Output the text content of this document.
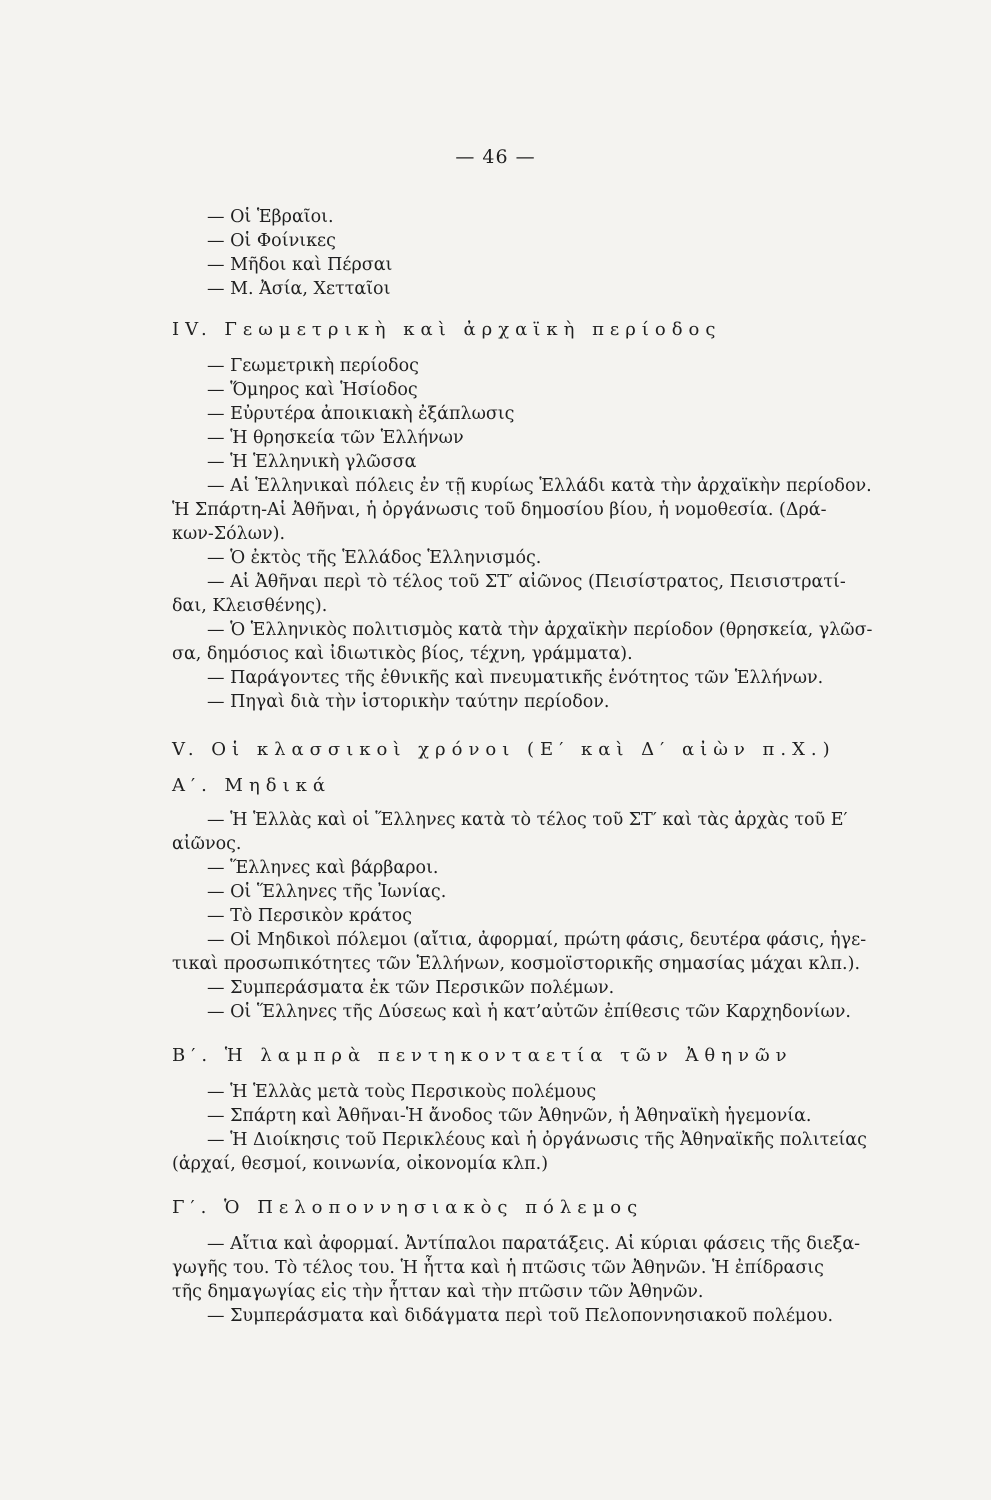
— 46 —
— Οἱ Ἑβραῖοι.
— Οἱ Φοίνικες
— Μῆδοι καὶ Πέρσαι
— Μ. Ἀσία, Χετταῖοι
IV. Γεωμετρικὴ καὶ ἀρχαϊκὴ περίοδος
— Γεωμετρικὴ περίοδος
— Ὅμηρος καὶ Ἡσίοδος
— Εὐρυτέρα ἀποικιακὴ ἐξάπλωσις
— Ἡ θρησκεία τῶν Ἑλλήνων
— Ἡ Ἑλληνικὴ γλῶσσα
— Αἱ Ἑλληνικαὶ πόλεις ἐν τῇ κυρίως Ἑλλάδι κατὰ τὴν ἀρχαϊκὴν περίοδον.
Ἡ Σπάρτη-Αἱ Ἀθῆναι, ἡ ὀργάνωσις τοῦ δημοσίου βίου, ἡ νομοθεσία. (Δρά-
κων-Σόλων).
— Ὁ ἐκτὸς τῆς Ἑλλάδος Ἑλληνισμός.
— Αἱ Ἀθῆναι περὶ τὸ τέλος τοῦ ΣΤ′ αἰῶνος (Πεισίστρατος, Πεισιστρατί-
δαι, Κλεισθένης).
— Ὁ Ἑλληνικὸς πολιτισμὸς κατὰ τὴν ἀρχαϊκὴν περίοδον (θρησκεία, γλῶσ-
σα, δημόσιος καὶ ἰδιωτικὸς βίος, τέχνη, γράμματα).
— Παράγοντες τῆς ἐθνικῆς καὶ πνευματικῆς ἑνότητος τῶν Ἑλλήνων.
— Πηγαὶ διὰ τὴν ἱστορικὴν ταύτην περίοδον.
V. Οἱ κλασσικοὶ χρόνοι (Ε′ καὶ Δ′ αἰὼν π.Χ.)
Α′. Μηδικά
— Ἡ Ἑλλὰς καὶ οἱ Ἕλληνες κατὰ τὸ τέλος τοῦ ΣΤ′ καὶ τὰς ἀρχὰς τοῦ Ε′
αἰῶνος.
— Ἕλληνες καὶ βάρβαροι.
— Οἱ Ἕλληνες τῆς Ἰωνίας.
— Τὸ Περσικὸν κράτος
— Οἱ Μηδικοὶ πόλεμοι (αἴτια, ἀφορμαί, πρώτη φάσις, δευτέρα φάσις, ἡγε-
τικαὶ προσωπικότητες τῶν Ἑλλήνων, κοσμοϊστορικῆς σημασίας μάχαι κλπ.).
— Συμπεράσματα ἐκ τῶν Περσικῶν πολέμων.
— Οἱ Ἕλληνες τῆς Δύσεως καὶ ἡ κατ’αὐτῶν ἐπίθεσις τῶν Καρχηδονίων.
Β′. Ἡ λαμπρὰ πεντηκονταετία τῶν Ἀθηνῶν
— Ἡ Ἑλλὰς μετὰ τοὺς Περσικοὺς πολέμους
— Σπάρτη καὶ Ἀθῆναι-Ἡ ἄνοδος τῶν Ἀθηνῶν, ἡ Ἀθηναϊκὴ ἡγεμονία.
— Ἡ Διοίκησις τοῦ Περικλέους καὶ ἡ ὀργάνωσις τῆς Ἀθηναϊκῆς πολιτείας
(ἀρχαί, θεσμοί, κοινωνία, οἰκονομία κλπ.)
Γ′. Ὁ Πελοποννησιακὸς πόλεμος
— Αἴτια καὶ ἀφορμαί. Ἀντίπαλοι παρατάξεις. Αἱ κύριαι φάσεις τῆς διεξα-
γωγῆς του. Τὸ τέλος του. Ἡ ἧττα καὶ ἡ πτῶσις τῶν Ἀθηνῶν. Ἡ ἐπίδρασις
τῆς δημαγωγίας εἰς τὴν ἧτταν καὶ τὴν πτῶσιν τῶν Ἀθηνῶν.
— Συμπεράσματα καὶ διδάγματα περὶ τοῦ Πελοποννησιακοῦ πολέμου.
